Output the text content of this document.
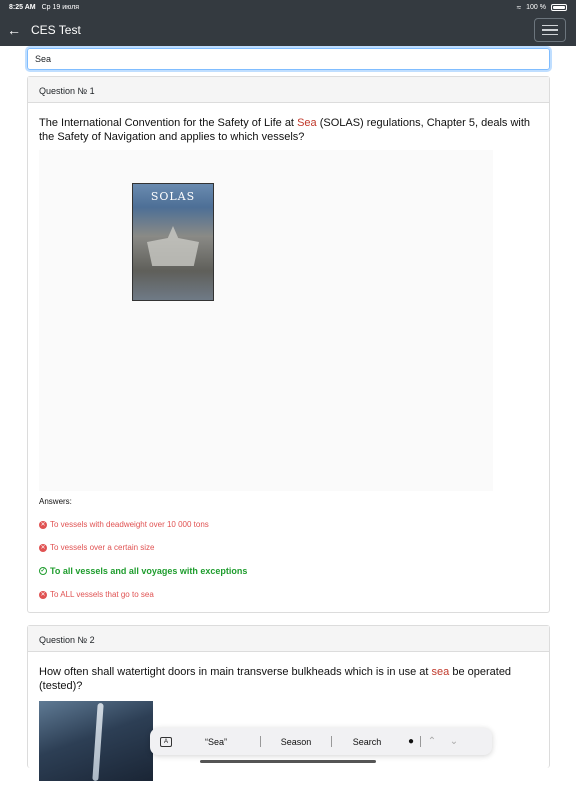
8:25 AM Ср 19 июля	≈ 100 %
← CES Test
Sea
Question № 1
The International Convention for the Safety of Life at Sea (SOLAS) regulations, Chapter 5, deals with the Safety of Navigation and applies to which vessels?
SOLAS
Answers:
✕ To vessels with deadweight over 10 000 tons
✕ To vessels over a certain size
✓ To all vessels and all voyages with exceptions
✕ To ALL vessels that go to sea
Question № 2
How often shall watertight doors in main transverse bulkheads which is in use at sea be operated (tested)?
A	“Sea”	Season	Search	●	⌃	⌄
